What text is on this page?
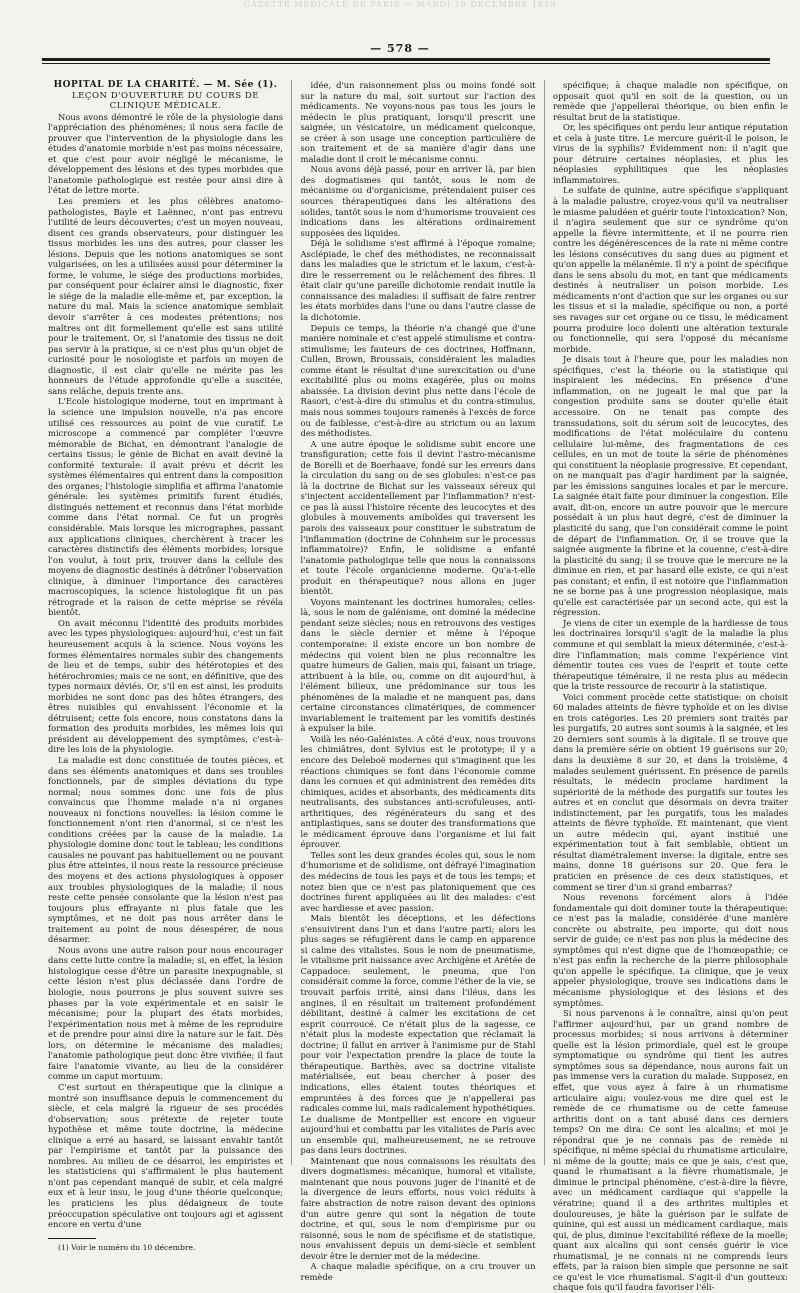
GAZETTE MÉDICALE DE PARIS — MARDI 19 DÉCEMBRE 1859
— 578 —

HOPITAL DE LA CHARITÉ. — M. Sée (1).

LEÇON D'OUVERTURE DU COURS DE CLINIQUE MÉDICALE.

Nous avons démontré le rôle de la physiologie dans l'appréciation des phénomènes; il nous sera facile de prouver que l'intervention de la physiologie dans les études d'anatomie morbide n'est pas moins nécessaire, et que c'est pour avoir négligé le mécanisme, le développement des lésions et des types morbides que l'anatomie pathologique est restée pour ainsi dire à l'état de lettre morte.

Les premiers et les plus célèbres anatomo-pathologistes, Bayle et Laënnec, n'ont pas entrevu l'utilité de leurs découvertes; c'est un moyen nouveau, disent ces grands observateurs, pour distinguer les tissus morbides les uns des autres, pour classer les lésions. Depuis que les notions anatomiques se sont vulgarisées, on les a utilisées aussi pour déterminer la forme, le volume, le siége des productions morbides, par conséquent pour éclairer ainsi le diagnostic, fixer le siége de la maladie elle-même et, par exception, la nature du mal. Mais la science anatomique semblait devoir s'arrêter à ces modestes prétentions; nos maîtres ont dit formellement qu'elle est sans utilité pour le traitement. Or, si l'anatomie des tissus ne doit pas servir à la pratique, si ce n'est plus qu'un objet de curiosité pour le nosologiste et parfois un moyen de diagnostic, il est clair qu'elle ne mérite pas les honneurs de l'étude approfondie qu'elle a suscitée, sans relâche, depuis trente ans.

L'Ecole histologique moderne, tout en imprimant à la science une impulsion nouvelle, n'a pas encore utilisé ces ressources au point de vue curatif. Le microscope a commencé par compléter l'œuvre mémorable de Bichat, en démontrant l'analogie de certains tissus; le génie de Bichat en avait deviné la conformité texturale: il avait prévu et décrit les systèmes élémentaires qui entrent dans la composition des organes; l'histologie simplifia et affirma l'anatomie générale: les systèmes primitifs furent étudiés, distingués nettement et reconnus dans l'état morbide comme dans l'état normal. Ce fut un progrès considérable. Mais lorsque les micrographes, passant aux applications cliniques, cherchèrent à tracer les caractères distinctifs des éléments morbides; lorsque l'on voulut, à tout prix, trouver dans la cellule des moyens de diagnostic destinés à détrôner l'observation clinique, à diminuer l'importance des caractères macroscopiques, la science histologique fit un pas rétrograde et la raison de cette méprise se révéla bientôt.

On avait méconnu l'identité des produits morbides avec les types physiologiques: aujourd'hui, c'est un fait heureusement acquis à la science. Nous voyons les formes élémentaires normales subir des changements de lieu et de temps, subir des hétérotopies et des hétérochromies; mais ce ne sont, en définitive, que des types normaux déviés. Or, s'il en est ainsi, les produits morbides ne sont donc pas des hôtes étrangers, des êtres nuisibles qui envahissent l'économie et la détruisent; cette fois encore, nous constatons dans la formation des produits morbides, les mêmes lois qui président au développement des symptômes, c'est-à-dire les lois de la physiologie.

La maladie est donc constituée de toutes pièces, et dans ses éléments anatomiques et dans ses troubles fonctionnels, par de simples déviations du type normal; nous sommes donc une fois de plus convaincus que l'homme malade n'a ni organes nouveaux ni fonctions nouvelles: la lésion comme le fonctionnement n'ont rien d'anormal, si ce n'est les conditions créées par la cause de la maladie. La physiologie domine donc tout le tableau; les conditions causales ne pouvant pas habituellement ou ne pouvant plus être atteintes, il nous reste la ressource précieuse des moyens et des actions physiologiques à opposer aux troubles physiologiques de la maladie; il nous reste cette pensée consolante que la lésion n'est pas toujours plus effrayante ni plus fatale que les symptômes, et ne doit pas nous arrêter dans le traitement au point de nous désespérer, de nous désarmer.

Nous avons une autre raison pour nous encourager dans cette lutte contre la maladie; si, en effet, la lésion histologique cesse d'être un parasite inexpugnable, si cette lésion n'est plus déclassée dans l'ordre de biologie, nous pourrons je plus souvent suivre ses phases par la voie expérimentale et en saisir le mécanisme; pour la plupart des états morbides, l'expérimentation nous met à même de les reproduire et de prendre pour ainsi dire la nature sur le fait. Dès lors, on détermine le mécanisme des maladies; l'anatomie pathologique peut donc être vivifiée; il faut faire l'anatomie vivante, au lieu de la considérer comme un caput mortuum.

C'est surtout en thérapeutique que la clinique a montré son insuffisance depuis le commencement du siècle, et cela malgré la rigueur de ses procédés d'observation; sous prétexte de rejeter toute hypothèse et même toute doctrine, la médecine clinique a erré au hasard, se laissant envahir tantôt par l'empirisme et tantôt par la puissance des nombres. Au milieu de ce désarroi, les empiristes et les statisticiens qui s'affirmaient le plus hautement n'ont pas cependant manqué de subir, et cela malgré eux et à leur insu, le joug d'une théorie quelconque; les praticiens les plus dédaigneux de toute préoccupation spéculative ont toujours agi et agissent encore en vertu d'une

(1) Voir le numéro du 10 décembre.

idée, d'un raisonnement plus ou moins fondé soit sur la nature du mal, soit surtout sur l'action des médicaments. Ne voyons-nous pas tous les jours le médecin le plus pratiquant, lorsqu'il prescrit une saignée, un vésicatoire, un médicament quelconque, se créer à son usage une conception particulière de son traitement et de sa manière d'agir dans une maladie dont il croit le mécanisme connu.

Nous avons déjà passé, pour en arriver là, par bien des dogmatismes qui tantôt, sous le nom de mécanisme ou d'organicisme, prétendaient puiser ces sources thérapeutiques dans les altérations des solides, tantôt sous le nom d'humorisme trouvaient ces indications dans les altérations ordinairement supposées des liquides.

Déjà le solidisme s'est affirmé à l'époque romaine; Asclépiade, le chef des méthodistes, ne reconnaissait dans les maladies que le strictum et le laxum, c'est-à-dire le resserrement ou le relâchement des fibres. Il était clair qu'une pareille dichotomie rendait inutile la connaissance des maladies: il suffisait de faire rentrer les états morbides dans l'une ou dans l'autre classe de la dichotomie.

Depuis ce temps, la théorie n'a changé que d'une manière nominale et c'est appelé stimulisme et contra-stimulisme; les fauteurs de ces doctrines, Hoffmann, Cullen, Brown, Broussais, considéraient les maladies comme étant le résultat d'une surexcitation ou d'une excitabilité plus ou moins exagérée, plus ou moins abaissée. La division devint plus nette dans l'école de Rasori, c'est-à-dire du stimulus et du contra-stimulus, mais nous sommes toujours ramenés à l'excès de force ou de faiblesse, c'est-à-dire au strictum ou au laxum des méthodistes.

A une autre époque le solidisme subit encore une transfiguration; cette fois il devint l'astro-mécanisme de Borelli et de Boerhaave, fondé sur les erreurs dans la circulation du sang ou de ses globules: n'est-ce pas là la doctrine de Bichat sur les vaisseaux séreux qui s'injectent accidentellement par l'inflammation? n'est-ce pas là aussi l'histoire récente des leucocytes et des globules à mouvements amiboïdes qui traversent les parois des vaisseaux pour constituer le substratum de l'inflammation (doctrine de Cohnheim sur le processus inflammatoire)? Enfin, le solidisme a enfanté l'anatomie pathologique telle que nous la connaissons et toute l'école organicienne moderne. Qu'a-t-elle produit en thérapeutique? nous allons en juger bientôt.

Voyons maintenant les doctrines humorales; celles-là, sous le nom de galénisme, ont dominé la médecine pendant seize siècles; nous en retrouvons des vestiges dans le siècle dernier et même à l'époque contemporaine: il existe encore un bon nombre de médecins qui voient bien ne plus reconnaître les quatre humeurs de Galien, mais qui, faisant un triage, attribuent à la bile, ou, comme on dit aujourd'hui, à l'élément bilieux, une prédominance sur tous les phénomènes de la maladie et ne manquent pas, dans certaine circonstances climatériques, de commencer invariablement le traitement par les vomitifs destinés à expulser la bile.

Voilà les néo-Galénistes. A côté d'eux, nous trouvons les chimiâtres, dont Sylvius est le prototype; il y a encore des Deleboë modernes qui s'imaginent que les réactions chimiques se font dans l'économie comme dans les cornues et qui administrent des remèdes dits chimiques, acides et absorbants, des médicaments dits neutralisants, des substances anti-scrofuleuses, anti-arthritiques, des régénérateurs du sang et des antiplastiques, sans se douter des transformations que le médicament éprouve dans l'organisme et lui fait éprouver.

Telles sont les deux grandes écoles qui, sous le nom d'humorisme et de solidisme, ont défrayé l'imagination des médecins de tous les pays et de tous les temps; et notez bien que ce n'est pas platoniquement que ces doctrines furent appliquées au lit des malades: c'est avec hardiesse et avec passion.

Mais bientôt les déceptions, et les défections s'ensuivirent dans l'un et dans l'autre parti; alors les plus sages se réfugièrent dans le camp en apparence si calme des vitalistes. Sous le nom de pneumatisme, le vitalisme prit naissance avec Archigène et Arétée de Cappadoce: seulement, le pneuma, que l'on considérait comme la force, comme l'éther de la vie, se trouvait parfois irrité, ainsi dans l'iléus, dans les angines, il en résultait un traitement profondément débilitant, destiné à calmer les excitations de cet esprit courroucé. Ce n'était plus de la sagesse, ce n'était plus la modeste expectation que réclamait la doctrine; il fallut en arriver à l'animisme pur de Stahl pour voir l'expectation prendre la place de toute la thérapeutique. Barthès, avec sa doctrine vitaliste matérialisée, eut beau chercher à poser des indications, elles étaient toutes théoriques et empruntées à des forces que je n'appellerai pas radicales comme lui, mais radicalement hypothétiques. Le dualisme de Montpellier est encore en vigueur aujourd'hui et combattu par les vitalistes de Paris avec un ensemble qui, malheureusement, ne se retrouve pas dans leurs doctrines.

Maintenant que nous connaissons les résultats des divers dogmatismes: mécanique, humoral et vitaliste, maintenant que nous pouvons juger de l'inanité et de la divergence de leurs efforts, nous voici réduits à faire abstraction de notre raison devant des opinions d'un autre genre qui sont la négation de toute doctrine, et qui, sous le nom d'empirisme pur ou raisonné, sous le nom de spécifisme et de statistique, nous envahissent depuis un demi-siècle et semblent devoir être le dernier mot de la médecine.

A chaque maladie spécifique, on a cru trouver un remède

spécifique; à chaque maladie non spécifique, on opposait quoi qu'il en soit de la question, ou un remède que j'appellerai théorique, ou bien enfin le résultat brut de la statistique.

Or, les spécifiques ont perdu leur antique réputation et cela à juste titre. Le mercure guérit-il le poison, le virus de la syphilis? Évidemment non: il n'agit que pour détruire certaines néoplasies, et plus les néoplasies syphilitiques que les néoplasies inflammatoires.

Le sulfate de quinine, autre spécifique s'appliquant à la maladie palustre, croyez-vous qu'il va neutraliser le miasme paludéen et guérir toute l'intoxication? Non, il n'agira seulement que sur ce syndrôme qu'on appelle la fièvre intermittente, et il ne pourra rien contre les dégénérescences de la rate ni même contre les lésions consécutives du sang dues au pigment et qu'on appelle la mélanémie. Il n'y a point de spécifique dans le sens absolu du mot, en tant que médicaments destinés à neutraliser un poison morbide. Les médicaments n'ont d'action que sur les organes ou sur les tissus et si la maladie, spécifique ou non, a porté ses ravages sur cet organe ou ce tissu, le médicament pourra produire loco dolenti une altération texturale ou fonctionnelle, qui sera l'opposé du mécanisme morbide.

Je disais tout à l'heure que, pour les maladies non spécifiques, c'est la théorie ou la statistique qui inspiraient les médecins. En présence d'une inflammation, on ne jugeait le mal que par la congestion produite sans se douter qu'elle était accessoire. On ne tenait pas compte des transsudations, soit du sérum soit de leucocytes, des modifications de l'état moléculaire du contenu cellulaire lui-même, des fragmentations de ces cellules, en un mot de toute la série de phénomènes qui constituent la néoplasie progressive. Et cependant, on ne manquait pas d'agir hardiment par la saignée, par les émissions sanguines locales et par le mercure. La saignée était faite pour diminuer la congestion. Elle avait, dit-on, encore un autre pouvoir que le mercure possédait à un plus haut degré, c'est de diminuer la plasticité du sang, que l'on considérait comme le point de départ de l'inflammation. Or, il se trouve que la saignée augmente la fibrine et la couenne, c'est-à-dire la plasticité du sang; il se trouve que le mercure ne la diminue en rien, et par hasard elle existe, ce qui n'est pas constant; et enfin, il est notoire que l'inflammation ne se borne pas à une progression néoplasique, mais qu'elle est caractérisée par un second acte, qui est la régression.

Je viens de citer un exemple de la hardiesse de tous les doctrinaires lorsqu'il s'agit de la maladie la plus commune et qui semblait la mieux déterminée, c'est-à-dire l'inflammation; mais comme l'expérience vint démentir toutes ces vues de l'esprit et toute cette thérapeutique téméraire, il ne resta plus au médecin que la triste ressource de recourir à la statistique.

Voici comment procède cette statistique: on choisit 60 malades atteints de fièvre typhoïde et on les divise en trois catégories. Les 20 premiers sont traités par les purgatifs, 20 autres sont soumis à la saignée, et les 20 derniers sont soumis à la digitale. Il se trouve que dans la première série on obtient 19 guérisons sur 20; dans la deuxième 8 sur 20, et dans la troisième, 4 malades seulement guérissent. En présence de pareils résultats, le médecin proclame hardiment la supériorité de la méthode des purgatifs sur toutes les autres et en conclut que désormais on devra traiter indistinctement, par les purgatifs, tous les malades atteints de fièvre typhoïde. Et maintenant, que vient un autre médecin qui, ayant institué une expérimentation tout à fait semblable, obtient un résultat diamétralement inverse: la digitale, entre ses mains, donne 18 guérisons sur 20. Que fera le praticien en présence de ces deux statistiques, et comment se tirer d'un si grand embarras?

Nous revenons forcément alors à l'idée fondamentale qui doit dominer toute la thérapeutique: ce n'est pas la maladie, considérée d'une manière concrète ou abstraite, peu importe, qui doit nous servir de guide; ce n'est pas non plus la médecine des symptômes qui n'est digne que de l'homœopathie; ce n'est pas enfin la recherche de la pierre philosophale qu'on appelle le spécifique. La clinique, que je veux appeler physiologique, trouve ses indications dans le mécanisme physiologique et des lésions et des symptômes.

Si nous parvenons à le connaître, ainsi qu'on peut l'affirmer aujourd'hui, par un grand nombre de processus morbides; si nous arrivons à déterminer quelle est la lésion primordiale, quel est le groupe symptomatique ou syndrôme qui tient les autres symptômes sous sa dépendance, nous aurons fait un pas immense vers la curation du malade. Supposez, en effet, que vous ayez à faire à un rhumatisme articulaire aigu: voulez-vous me dire quel est le remède de ce rhumatisme ou de cette fameuse arthritis dont on a tant abusé dans ces derniers temps? On me dira: Ce sont les alcalins; et moi je répondrai que je ne connais pas de remède ni spécifique, ni même spécial du rhumatisme articulaire, ni même de la goutte; mais ce que je sais, c'est que, quand le rhumatisant a la fièvre rhumatismale, je diminue le principal phénomène, c'est-à-dire la fièvre, avec un médicament cardiaque qui s'appelle la vératrine; quand il a des arthrites multiples et douloureuses, je hâte la guérison par le sulfate de quinine, qui est aussi un médicament cardiaque, mais qui, de plus, diminue l'excitabilité réflexe de la moelle; quant aux alcalins qui sont censés guérir le vice rhumatismal, je ne connais ni ne comprends leurs effets, par la raison bien simple que personne ne sait ce qu'est le vice rhumatismal. S'agit-il d'un goutteux: chaque fois qu'il faudra favoriser l'éli-
